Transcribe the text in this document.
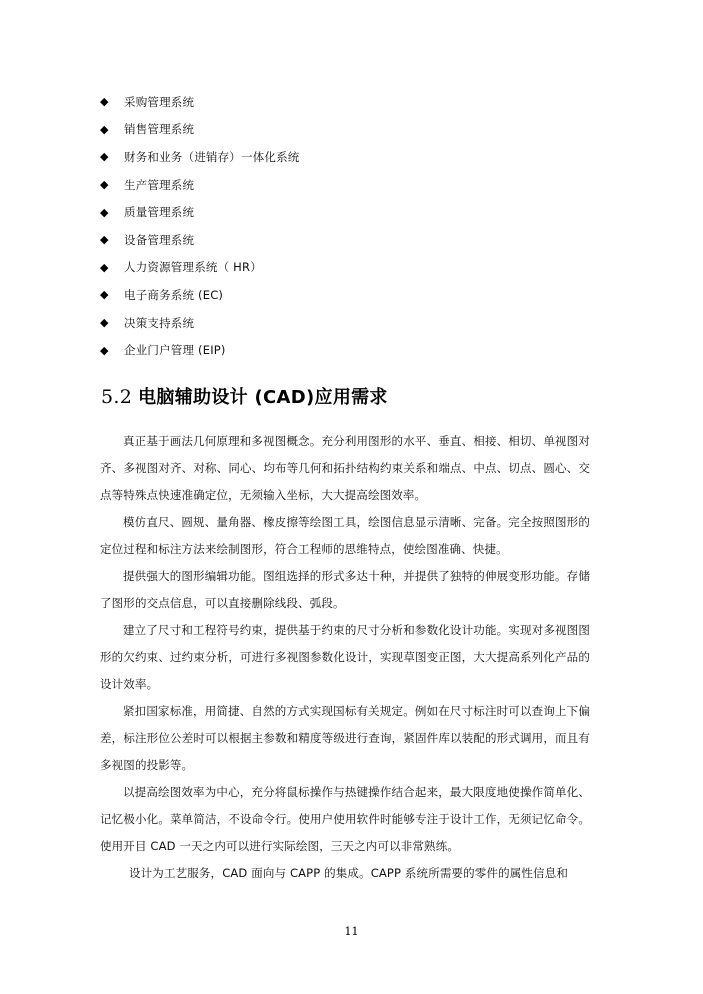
◆	采购管理系统
◆	销售管理系统
◆	财务和业务（进销存）一体化系统
◆	生产管理系统
◆	质量管理系统
◆	设备管理系统
◆	人力资源管理系统（ HR）
◆	电子商务系统 (EC)
◆	决策支持系统
◆	企业门户管理 (EIP)
5.2 电脑辅助设计 (CAD)应用需求

真正基于画法几何原理和多视图概念。充分利用图形的水平、垂直、相接、相切、单视图对齐、多视图对齐、对称、同心、均布等几何和拓扑结构约束关系和端点、中点、切点、圆心、交点等特殊点快速准确定位，无须输入坐标，大大提高绘图效率。

模仿直尺、圆规、量角器、橡皮擦等绘图工具，绘图信息显示清晰、完备。完全按照图形的定位过程和标注方法来绘制图形，符合工程师的思维特点，使绘图准确、快捷。

提供强大的图形编辑功能。图组选择的形式多达十种，并提供了独特的伸展变形功能。存储了图形的交点信息，可以直接删除线段、弧段。

建立了尺寸和工程符号约束，提供基于约束的尺寸分析和参数化设计功能。实现对多视图图形的欠约束、过约束分析，可进行多视图参数化设计，实现草图变正图，大大提高系列化产品的设计效率。

紧扣国家标准，用简捷、自然的方式实现国标有关规定。例如在尺寸标注时可以查询上下偏差，标注形位公差时可以根据主参数和精度等级进行查询，紧固件库以装配的形式调用，而且有多视图的投影等。

以提高绘图效率为中心，充分将鼠标操作与热键操作结合起来，最大限度地使操作简单化、记忆极小化。菜单简洁，不设命令行。使用户使用软件时能够专注于设计工作，无须记忆命令。使用开目 CAD 一天之内可以进行实际绘图，三天之内可以非常熟练。

设计为工艺服务，CAD 面向与 CAPP 的集成。CAPP 系统所需要的零件的属性信息和

11
